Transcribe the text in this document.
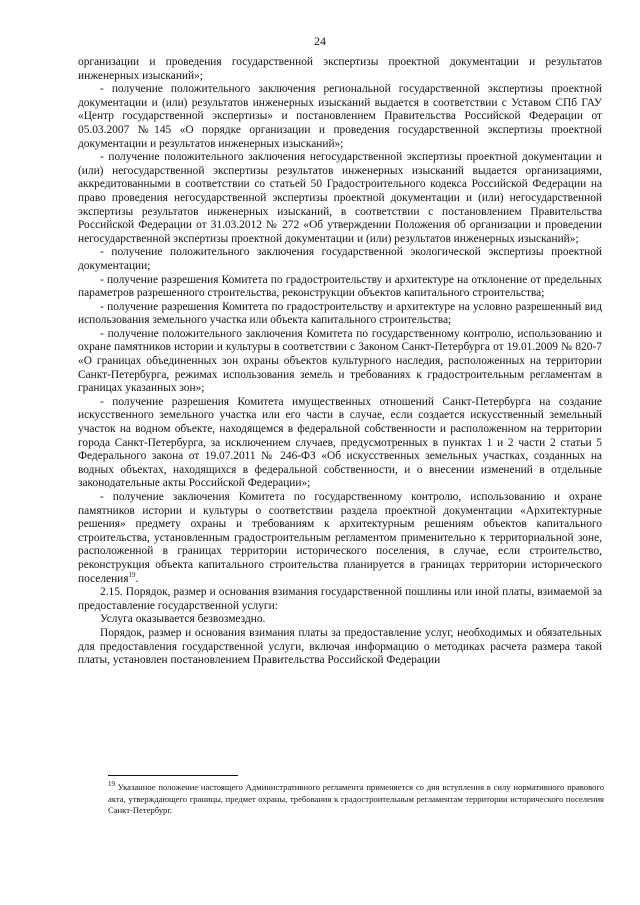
24

организации и проведения государственной экспертизы проектной документации и результатов инженерных изысканий»;

- получение положительного заключения региональной государственной экспертизы проектной документации и (или) результатов инженерных изысканий выдается в соответствии с Уставом СПб ГАУ «Центр государственной экспертизы» и постановлением Правительства Российской Федерации от 05.03.2007 №145 «О порядке организации и проведения государственной экспертизы проектной документации и результатов инженерных изысканий»;

- получение положительного заключения негосударственной экспертизы проектной документации и (или) негосударственной экспертизы результатов инженерных изысканий выдается организациями, аккредитованными в соответствии со статьей 50 Градостроительного кодекса Российской Федерации на право проведения негосударственной экспертизы проектной документации и (или) негосударственной экспертизы результатов инженерных изысканий, в соответствии с постановлением Правительства Российской Федерации от 31.03.2012 № 272 «Об утверждении Положения об организации и проведении негосударственной экспертизы проектной документации и (или) результатов инженерных изысканий»;

- получение положительного заключения государственной экологической экспертизы проектной документации;

- получение разрешения Комитета по градостроительству и архитектуре на отклонение от предельных параметров разрешенного строительства, реконструкции объектов капитального строительства;

- получение разрешения Комитета по градостроительству и архитектуре на условно разрешенный вид использования земельного участка или объекта капитального строительства;

- получение положительного заключения Комитета по государственному контролю, использованию и охране памятников истории и культуры в соответствии с Законом Санкт-Петербурга от 19.01.2009 № 820-7 «О границах объединенных зон охраны объектов культурного наследия, расположенных на территории Санкт-Петербурга, режимах использования земель и требованиях к градостроительным регламентам в границах указанных зон»;

- получение разрешения Комитета имущественных отношений Санкт-Петербурга на создание искусственного земельного участка или его части в случае, если создается искусственный земельный участок на водном объекте, находящемся в федеральной собственности и расположенном на территории города Санкт-Петербурга, за исключением случаев, предусмотренных в пунктах 1 и 2 части 2 статьи 5 Федерального закона от 19.07.2011 № 246-ФЗ «Об искусственных земельных участках, созданных на водных объектах, находящихся в федеральной собственности, и о внесении изменений в отдельные законодательные акты Российской Федерации»;

- получение заключения Комитета по государственному контролю, использованию и охране памятников истории и культуры о соответствии раздела проектной документации «Архитектурные решения» предмету охраны и требованиям к архитектурным решениям объектов капитального строительства, установленным градостроительным регламентом применительно к территориальной зоне, расположенной в границах территории исторического поселения, в случае, если строительство, реконструкция объекта капитального строительства планируется в границах территории исторического поселения$^{19}$.

2.15. Порядок, размер и основания взимания государственной пошлины или иной платы, взимаемой за предоставление государственной услуги:

Услуга оказывается безвозмездно.

Порядок, размер и основания взимания платы за предоставление услуг, необходимых и обязательных для предоставления государственной услуги, включая информацию о методиках расчета размера такой платы, установлен постановлением Правительства Российской Федерации

$^{19}$ Указанное положение настоящего Административного регламента применяется со дня вступления в силу нормативного правового акта, утверждающего границы, предмет охраны, требования к градостроительным регламентам территории исторического поселения Санкт-Петербург.
